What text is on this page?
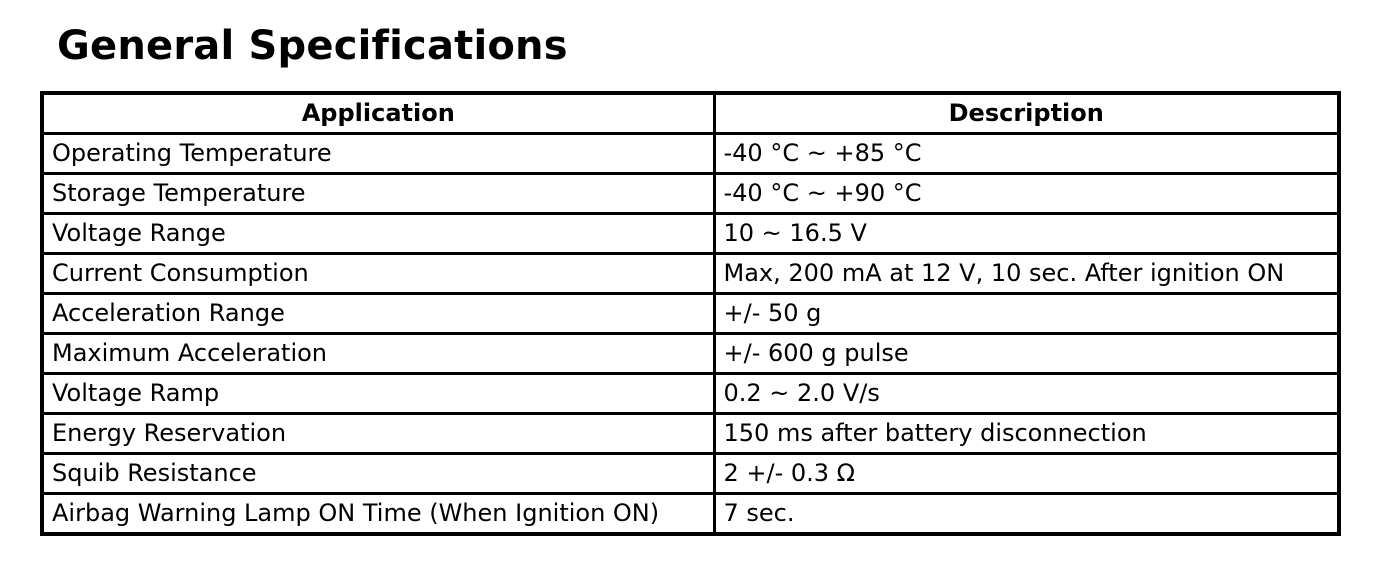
General Specifications
Application	Description
Operating Temperature	-40 °C ~ +85 °C
Storage Temperature	-40 °C ~ +90 °C
Voltage Range	10 ~ 16.5 V
Current Consumption	Max, 200 mA at 12 V, 10 sec. After ignition ON
Acceleration Range	+/- 50 g
Maximum Acceleration	+/- 600 g pulse
Voltage Ramp	0.2 ~ 2.0 V/s
Energy Reservation	150 ms after battery disconnection
Squib Resistance	2 +/- 0.3 Ω
Airbag Warning Lamp ON Time (When Ignition ON)	7 sec.
